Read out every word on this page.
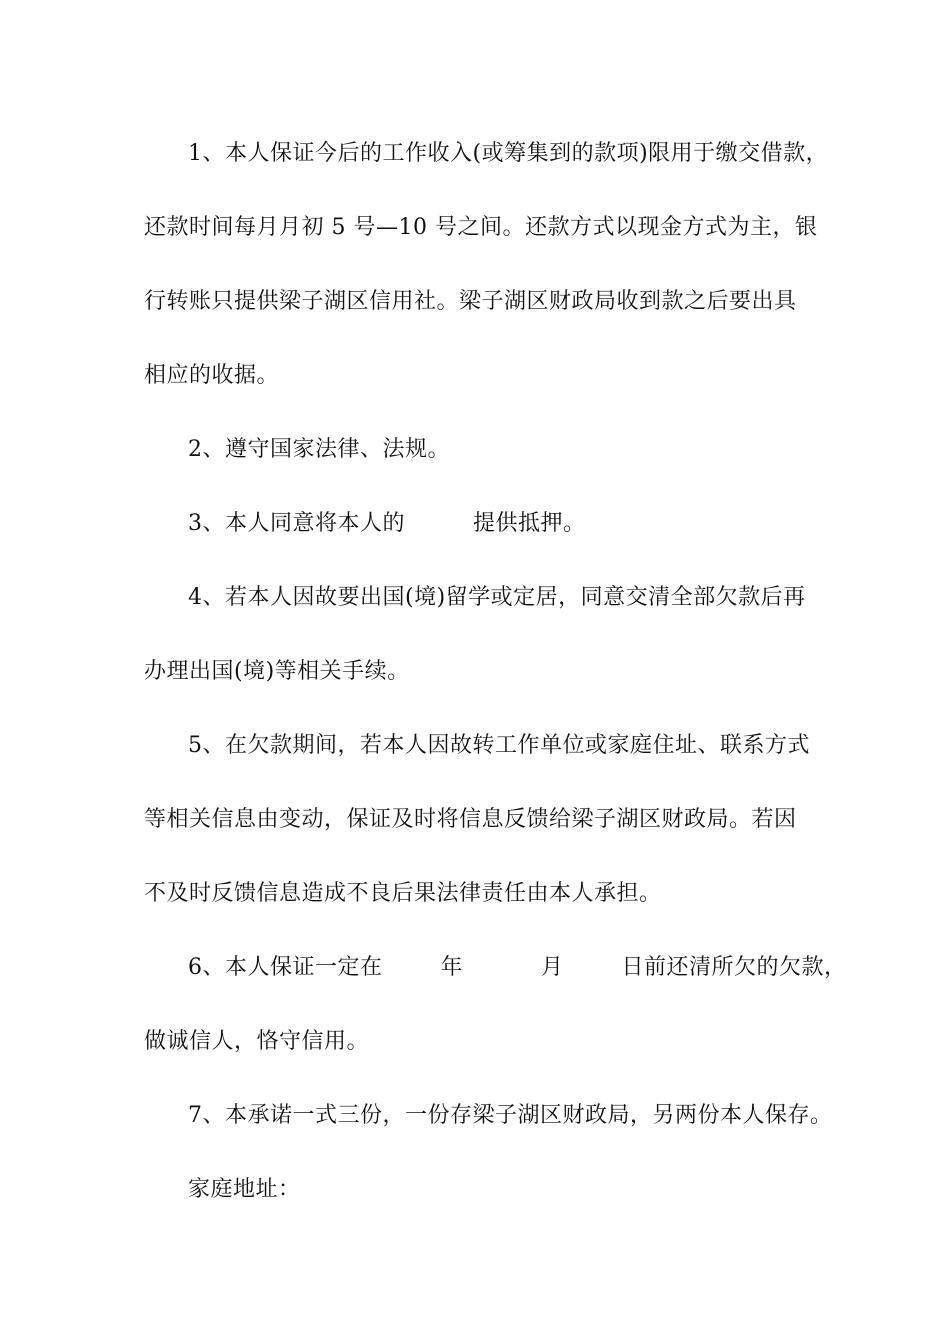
1、本人保证今后的工作收入(或筹集到的款项)限用于缴交借款，
还款时间每月月初 5 号—10 号之间。还款方式以现金方式为主，银
行转账只提供梁子湖区信用社。梁子湖区财政局收到款之后要出具
相应的收据。
2、遵守国家法律、法规。
3、本人同意将本人的	提供抵押。
4、若本人因故要出国(境)留学或定居，同意交清全部欠款后再
办理出国(境)等相关手续。
5、在欠款期间，若本人因故转工作单位或家庭住址、联系方式
等相关信息由变动，保证及时将信息反馈给梁子湖区财政局。若因
不及时反馈信息造成不良后果法律责任由本人承担。
6、本人保证一定在	年	月	日前还清所欠的欠款，
做诚信人，恪守信用。
7、本承诺一式三份，一份存梁子湖区财政局，另两份本人保存。
家庭地址：
